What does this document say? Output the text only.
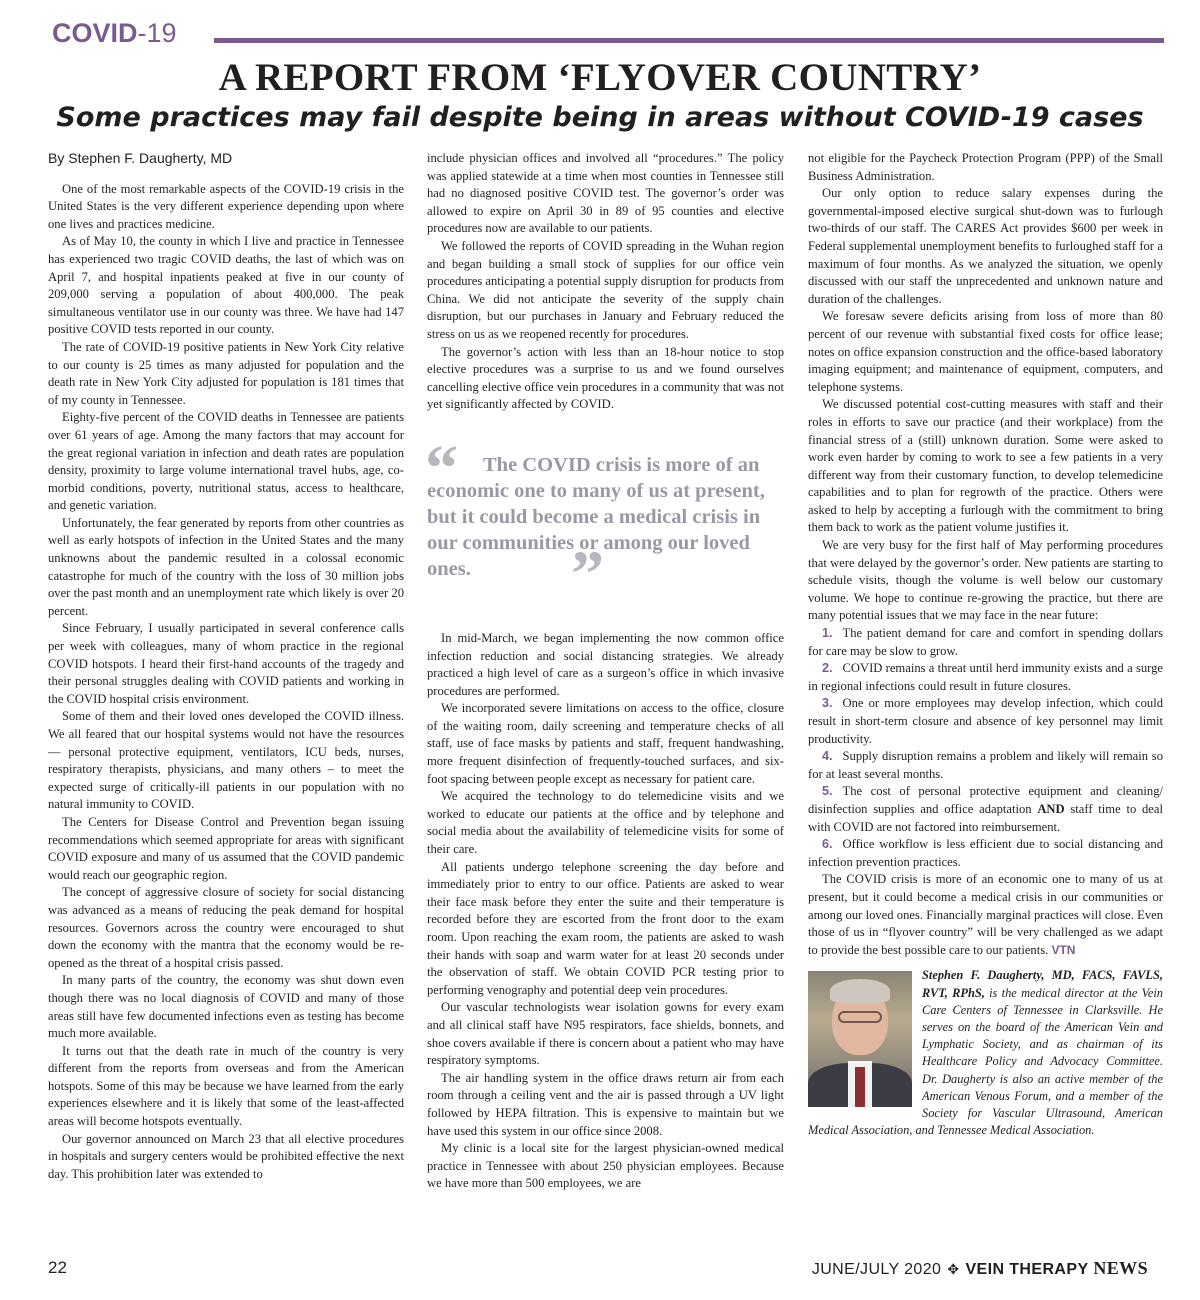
COVID-19
A REPORT FROM ‘FLYOVER COUNTRY’
Some practices may fail despite being in areas without COVID-19 cases

By Stephen F. Daugherty, MD

One of the most remarkable aspects of the COVID-19 crisis in the United States is the very different experience depending upon where one lives and practices medicine.

As of May 10, the county in which I live and practice in Tennessee has experienced two tragic COVID deaths, the last of which was on April 7, and hospital inpatients peaked at five in our county of 209,000 serving a population of about 400,000. The peak simultaneous ventilator use in our county was three. We have had 147 positive COVID tests reported in our county.

The rate of COVID-19 positive patients in New York City relative to our county is 25 times as many adjusted for population and the death rate in New York City adjusted for population is 181 times that of my county in Tennessee.

Eighty-five percent of the COVID deaths in Tennessee are patients over 61 years of age. Among the many factors that may account for the great regional variation in infection and death rates are population density, proximity to large volume international travel hubs, age, co-morbid conditions, poverty, nutritional status, access to healthcare, and genetic variation.

Unfortunately, the fear generated by reports from other countries as well as early hotspots of infection in the United States and the many unknowns about the pandemic resulted in a colossal economic catastrophe for much of the country with the loss of 30 million jobs over the past month and an unemployment rate which likely is over 20 percent.

Since February, I usually participated in several conference calls per week with colleagues, many of whom practice in the regional COVID hotspots. I heard their first-hand accounts of the tragedy and their personal struggles dealing with COVID patients and working in the COVID hospital crisis environment.

Some of them and their loved ones developed the COVID illness. We all feared that our hospital systems would not have the resources — personal protective equipment, ventilators, ICU beds, nurses, respiratory therapists, physicians, and many others – to meet the expected surge of critically-ill patients in our population with no natural immunity to COVID.

The Centers for Disease Control and Prevention began issuing recommendations which seemed appropriate for areas with significant COVID exposure and many of us assumed that the COVID pandemic would reach our geographic region.

The concept of aggressive closure of society for social distancing was advanced as a means of reducing the peak demand for hospital resources. Governors across the country were encouraged to shut down the economy with the mantra that the economy would be re-opened as the threat of a hospital crisis passed.

In many parts of the country, the economy was shut down even though there was no local diagnosis of COVID and many of those areas still have few documented infections even as testing has become much more available.

It turns out that the death rate in much of the country is very different from the reports from overseas and from the American hotspots. Some of this may be because we have learned from the early experiences elsewhere and it is likely that some of the least-affected areas will become hotspots eventually.

Our governor announced on March 23 that all elective procedures in hospitals and surgery centers would be prohibited effective the next day. This prohibition later was extended to

include physician offices and involved all “procedures.” The policy was applied statewide at a time when most counties in Tennessee still had no diagnosed positive COVID test. The governor’s order was allowed to expire on April 30 in 89 of 95 counties and elective procedures now are available to our patients.

We followed the reports of COVID spreading in the Wuhan region and began building a small stock of supplies for our office vein procedures anticipating a potential supply disruption for products from China. We did not anticipate the severity of the supply chain disruption, but our purchases in January and February reduced the stress on us as we reopened recently for procedures.

The governor’s action with less than an 18-hour notice to stop elective procedures was a surprise to us and we found ourselves cancelling elective office vein procedures in a community that was not yet significantly affected by COVID.

“	The COVID crisis is more of an economic one to many of us at present, but it could become a medical crisis in our communities or among our loved ones.	”

In mid-March, we began implementing the now common office infection reduction and social distancing strategies. We already practiced a high level of care as a surgeon’s office in which invasive procedures are performed.

We incorporated severe limitations on access to the office, closure of the waiting room, daily screening and temperature checks of all staff, use of face masks by patients and staff, frequent handwashing, more frequent disinfection of frequently-touched surfaces, and six-foot spacing between people except as necessary for patient care.

We acquired the technology to do telemedicine visits and we worked to educate our patients at the office and by telephone and social media about the availability of telemedicine visits for some of their care.

All patients undergo telephone screening the day before and immediately prior to entry to our office. Patients are asked to wear their face mask before they enter the suite and their temperature is recorded before they are escorted from the front door to the exam room. Upon reaching the exam room, the patients are asked to wash their hands with soap and warm water for at least 20 seconds under the observation of staff. We obtain COVID PCR testing prior to performing venography and potential deep vein procedures.

Our vascular technologists wear isolation gowns for every exam and all clinical staff have N95 respirators, face shields, bonnets, and shoe covers available if there is concern about a patient who may have respiratory symptoms.

The air handling system in the office draws return air from each room through a ceiling vent and the air is passed through a UV light followed by HEPA filtration. This is expensive to maintain but we have used this system in our office since 2008.

My clinic is a local site for the largest physician-owned medical practice in Tennessee with about 250 physician employees. Because we have more than 500 employees, we are

not eligible for the Paycheck Protection Program (PPP) of the Small Business Administration.

Our only option to reduce salary expenses during the governmental-imposed elective surgical shut-down was to furlough two-thirds of our staff. The CARES Act provides $600 per week in Federal supplemental unemployment benefits to furloughed staff for a maximum of four months. As we analyzed the situation, we openly discussed with our staff the unprecedented and unknown nature and duration of the challenges.

We foresaw severe deficits arising from loss of more than 80 percent of our revenue with substantial fixed costs for office lease; notes on office expansion construction and the office-based laboratory imaging equipment; and maintenance of equipment, computers, and telephone systems.

We discussed potential cost-cutting measures with staff and their roles in efforts to save our practice (and their workplace) from the financial stress of a (still) unknown duration. Some were asked to work even harder by coming to work to see a few patients in a very different way from their customary function, to develop telemedicine capabilities and to plan for regrowth of the practice. Others were asked to help by accepting a furlough with the commitment to bring them back to work as the patient volume justifies it.

We are very busy for the first half of May performing procedures that were delayed by the governor’s order. New patients are starting to schedule visits, though the volume is well below our customary volume. We hope to continue re-growing the practice, but there are many potential issues that we may face in the near future:

1. The patient demand for care and comfort in spending dollars for care may be slow to grow.

2. COVID remains a threat until herd immunity exists and a surge in regional infections could result in future closures.

3. One or more employees may develop infection, which could result in short-term closure and absence of key personnel may limit productivity.

4. Supply disruption remains a problem and likely will remain so for at least several months.

5. The cost of personal protective equipment and cleaning/ disinfection supplies and office adaptation AND staff time to deal with COVID are not factored into reimbursement.

6. Office workflow is less efficient due to social distancing and infection prevention practices.

The COVID crisis is more of an economic one to many of us at present, but it could become a medical crisis in our communities or among our loved ones. Financially marginal practices will close. Even those of us in “flyover country” will be very challenged as we adapt to provide the best possible care to our patients. VTN

Stephen F. Daugherty, MD, FACS, FAVLS, RVT, RPhS, is the medical director at the Vein Care Centers of Tennessee in Clarksville. He serves on the board of the American Vein and Lymphatic Society, and as chairman of its Healthcare Policy and Advocacy Committee. Dr. Daugherty is also an active member of the American Venous Forum, and a member of the Society for Vascular Ultrasound, American Medical Association, and Tennessee Medical Association.
22	JUNE/JULY 2020 ✥ VEIN THERAPY NEWS
